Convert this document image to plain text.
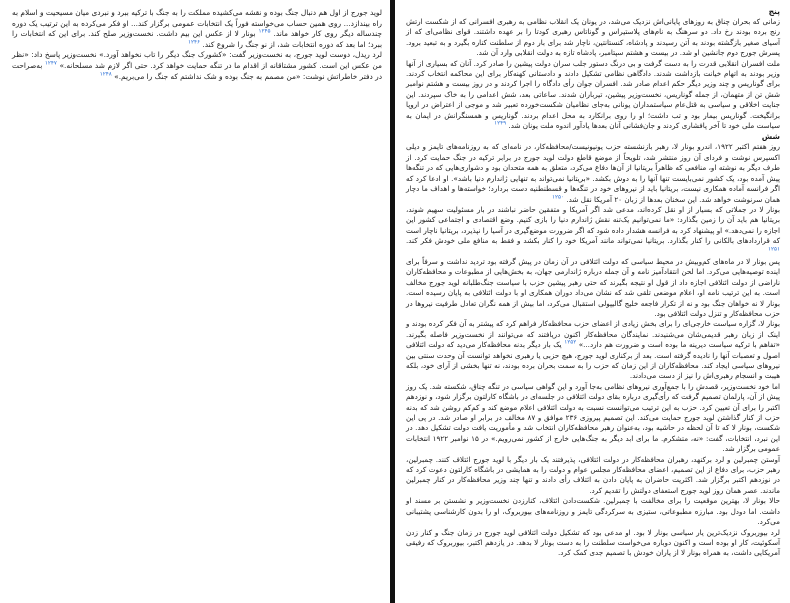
لوید جورج از اول هم دنبال جنگ بوده و نقشه می‌کشیده مملکت را به جنگ با ترکیه ببرد و نبردی میان مسیحیت و اسلام به راه بیندازد... روی همین حساب می‌خواسته فوراً یک انتخابات عمومی برگزار کند... او فکر می‌کرده به این ترتیب یک دوره چندساله دیگر روی کار خواهد ماند. $^{۱۲۴۵}$ بونار لا از عکس این بیم داشت. نخست‌وزیر صلح کند. برای این که انتخابات را ببرد؛ اما بعد که دوره انتخابات شد، از نو جنگ را شروع کند. $^{۱۲۴۶}$

لرد ریدل، دوست لوید جورج، به نخست‌وزیر گفت: «کشورک جنگ دیگر را تاب نخواهد آورد.» نخست‌وزیر پاسخ داد: «نظر من عکس این است. کشور مشتاقانه از اقدام ما در تنگه حمایت خواهد کرد. حتی اگر لازم شد مسلحانه.» $^{۱۲۴۷}$ به‌صراحت در دفتر خاطراتش نوشت: «من مصمم به جنگ بوده و شک نداشتم که جنگ را می‌بریم.» $^{۱۲۴۸}$

پنج

زمانی که بحران چناق به روزهای پایانی‌اش نزدیک می‌شد، در یونان یک انقلاب نظامی به رهبری افسرانی که از شکست ارتش رنج برده بودند رخ داد. دو سرهنگ به نام‌های پلاستیراس و گوناتاس رهبری کودتا را بر عهده داشتند. قوای نظامی‌ای که از آسیای صغیر بازگشته بودند به آتن رسیدند و پادشاه، کنستانتین، ناچار شد برای بار دوم از سلطنت کناره بگیرد و به تبعید برود. پسرش جورج دوم جانشین او شد. در بیست و هشتم سپتامبر، پادشاه تازه به دولت انقلابی وارد آن شد.

ملت افسران انقلابی قدرت را به دست گرفت و بی درنگ دستور جلب سران دولت پیشین را صادر کرد. آنان که بسیاری از آنها وزیر بودند به اتهام خیانت بازداشت شدند. دادگاهی نظامی تشکیل دادند و دادستانی کهنه‌کار برای این محاکمه انتخاب کردند. برای گوناریس و چند وزیر دیگر حکم اعدام صادر شد. افسران جوان رأی دادگاه را اجرا کردند و در روز بیست و هشتم نوامبر شش تن از متهمان، از جمله گوناریس، نخست‌وزیر پیشین، تیرباران شدند. ساعاتی بعد، شش اعدامی را به خاک سپردند. این جنایت اخلاقی و سیاسی به قتل‌عام سیاستمداران یونانی به‌جای نظامیان شکست‌خورده تعبیر شد و موجی از اعتراض در اروپا برانگیخت. گوناریس بیمار بود و تب داشت؛ او را روی برانکارد به محل اعدام بردند. گوناریس و همسنگرانش در ایمان به سیاست ملی خود تا آخر پافشاری کردند و جان‌فشانی آنان بعدها یادآور اندوه ملت یونان شد. $^{۱۲۴۹}$

شش

روز هفتم اکتبر ۱۹۲۲، اندرو بونار لا، رهبر بازنشسته حزب یونیونیست/محافظه‌کار، در نامه‌ای که به روزنامه‌های تایمز و دیلی اکسپرس نوشت و فردای آن روز منتشر شد، تلویحاً از موضع قاطع دولت لوید جورج در برابر ترکیه در جنگ حمایت کرد. از طرف دیگر به نوشته او، منافعی که ظاهراً بریتانیا از آن‌ها دفاع می‌کرد، متعلق به همه متحدان بود و دشواری‌هایی که در تنگه‌ها پیش آمده بود، یک کشور نمی‌بایست تنها آنها را به دوش بکشد. «بریتانیا نمی‌تواند به تنهایی ژاندارم دنیا باشد». او ادعا کرد که اگر فرانسه آماده همکاری نیست، بریتانیا باید از نیروهای خود در تنگه‌ها و قسطنطنیه دست بردارد؛ خواسته‌ها و اهداف ما دچار همان سرنوشت خواهد شد. این سخنان بعدها از زبان ۲۰ آمریکا نقل شد. $^{۱۲۵۰}$

بونار لا در جملاتی که بسیار از او نقل کرده‌اند، مدعی شد اگر آمریکا و متفقین حاضر نباشند در بار مسئولیت سهیم شوند، بریتانیا هم باید آن را زمین بگذارد: «ما نمی‌توانیم یک‌تنه نقش ژاندارم دنیا را بازی کنیم. وضع اقتصادی و اجتماعی کشور این اجازه را نمی‌دهد.» او پیشنهاد کرد به فرانسه هشدار داده شود که اگر ضرورت موضع‌گیری در آسیا را نپذیرد، بریتانیا ناچار است که قراردادهای بالکانی را کنار بگذارد. بریتانیا نمی‌تواند مانند آمریکا خود را کنار بکشد و فقط به منافع ملی خودش فکر کند. $^{۱۲۵۱}$

پس بونار لا در ماه‌های کم‌وبیش در محیط سیاسی که دولت ائتلافی در آن زمان در پیش گرفته بود تردید نداشت و سرفاً برای اینده توصیه‌هایی می‌کرد. اما لحن انتقادآمیز نامه و آن جمله درباره ژاندارمی جهان، به بخش‌هایی از مطبوعات و محافظه‌کاران ناراضی از دولت ائتلافی اجازه داد از قول او نتیجه بگیرند که حتی رهبر پیشین حزب با سیاست جنگ‌طلبانه لوید جورج مخالف است. به این ترتیب نامه او، اعلام موضعی تلقی شد که نشان می‌داد دوران همکاری او با دولت ائتلافی به پایان رسیده است. بونار لا نه خواهان جنگ بود و نه از تکرار فاجعه خلیج گالیپولی استقبال می‌کرد، اما بیش از همه نگران تعادل طرفیت نیروها در حزب محافظه‌کار و تنزل دولت ائتلافی بود.

بونار لا، گزاره سیاست خارجی‌ای را برای بخش زیادی از اعضای حزب محافظه‌کار فراهم کرد که پیشتر به آن فکر کرده بودند و اینک از زبان رهبر قدیمی‌شان می‌شنیدند. نمایندگان محافظه‌کار اکنون دریافتند که می‌توانند از نخست‌وزیر فاصله بگیرند. «تفاهم با ترکیه سیاست دیرینه ما بوده است و ضرورت هم دارد...» $^{۱۲۵۲}$ یک بار دیگر بدنه محافظه‌کار می‌دید که دولت ائتلافی اصول و تعصبات آنها را نادیده گرفته است. بعد از برکناری لوید جورج، هیچ حزبی یا رهبری نخواهد توانست آن وحدت سنتی بین نیروهای سیاسی ایجاد کند. محافظه‌کاران از این زمان که حزب را به سمت بحران برده بودند، نه تنها بخشی از آرای خود، بلکه هیبت و انسجام رهبری‌اش را نیز از دست می‌دادند.

اما خود نخست‌وزیر، قصدش را با جمع‌آوری نیروهای نظامی به‌جا آورد و این گواهی سیاسی در تنگه چناق، شکسته شد. یک روز پیش از آن، پارلمان تصمیم گرفت که رأی‌گیری درباره بقای دولت ائتلافی در جلسه‌ای در باشگاه کارلتون برگزار شود، و نوزدهم اکتبر را برای آن تعیین کرد. حزب به این ترتیب می‌توانست نسبت به دولت ائتلافی اعلام موضع کند و کم‌کم روشن شد که بدنه حزب از کنار گذاشتن لوید جورج حمایت می‌کند. این تصمیم پیروزی ۲۳۶ موافق و ۸۷ مخالف در برابر او صادر شد. در پی این شکست، بونار لا که تا آن لحظه در حاشیه بود، به‌عنوان رهبر محافظه‌کاران انتخاب شد و مأموریت یافت دولت تشکیل دهد. در این نبرد، انتخابات، گفت: «نه، متشکرم. ما برای ابد دیگر به جنگ‌هایی خارج از کشور نمی‌رویم.» در ۱۵ نوامبر ۱۹۲۲ انتخابات عمومی برگزار شد.

آوستن چمبرلین و لرد برکنهد، رهبران محافظه‌کار در دولت ائتلافی، پذیرفتند یک بار دیگر با لوید جورج ائتلاف کنند. چمبرلین، رهبر حزب، برای دفاع از این تصمیم، اعضای محافظه‌کار مجلس عوام و دولت را به همایشی در باشگاه کارلتون دعوت کرد که در نوزدهم اکتبر برگزار شد. اکثریت حاضران به پایان دادن به ائتلاف رأی دادند و تنها چند وزیر محافظه‌کار در کنار چمبرلین ماندند. عصر همان روز لوید جورج استعفای دولتش را تقدیم کرد.

حالا بونار لا، بهترین موقعیت را برای مخالفت با چمبرلین. شکست‌دادن ائتلاف، کنارزدن نخست‌وزیر و نشستن بر مسند او داشت. اما دودل بود. مبارزه مطبوعاتی، ستیزی به سرکردگی تایمز و روزنامه‌های بیوربروک، او را بدون کارشناسی پشتیبانی می‌کرد.

لرد بیوربروک نزدیک‌ترین یار سیاسی بونار لا بود. او مدعی بود که تشکیل دولت ائتلافی لوید جورج در زمان جنگ و کنار زدن آسکوئیت، کار او بوده است و اکنون دوباره می‌خواست سلطنت را به دست بونار لا بدهد. در یازدهم اکتبر، بیوربروک که رفیقی آمریکایی داشت، به همراه بونار لا از یاران خودش با تصمیم جدی کمک کرد.
